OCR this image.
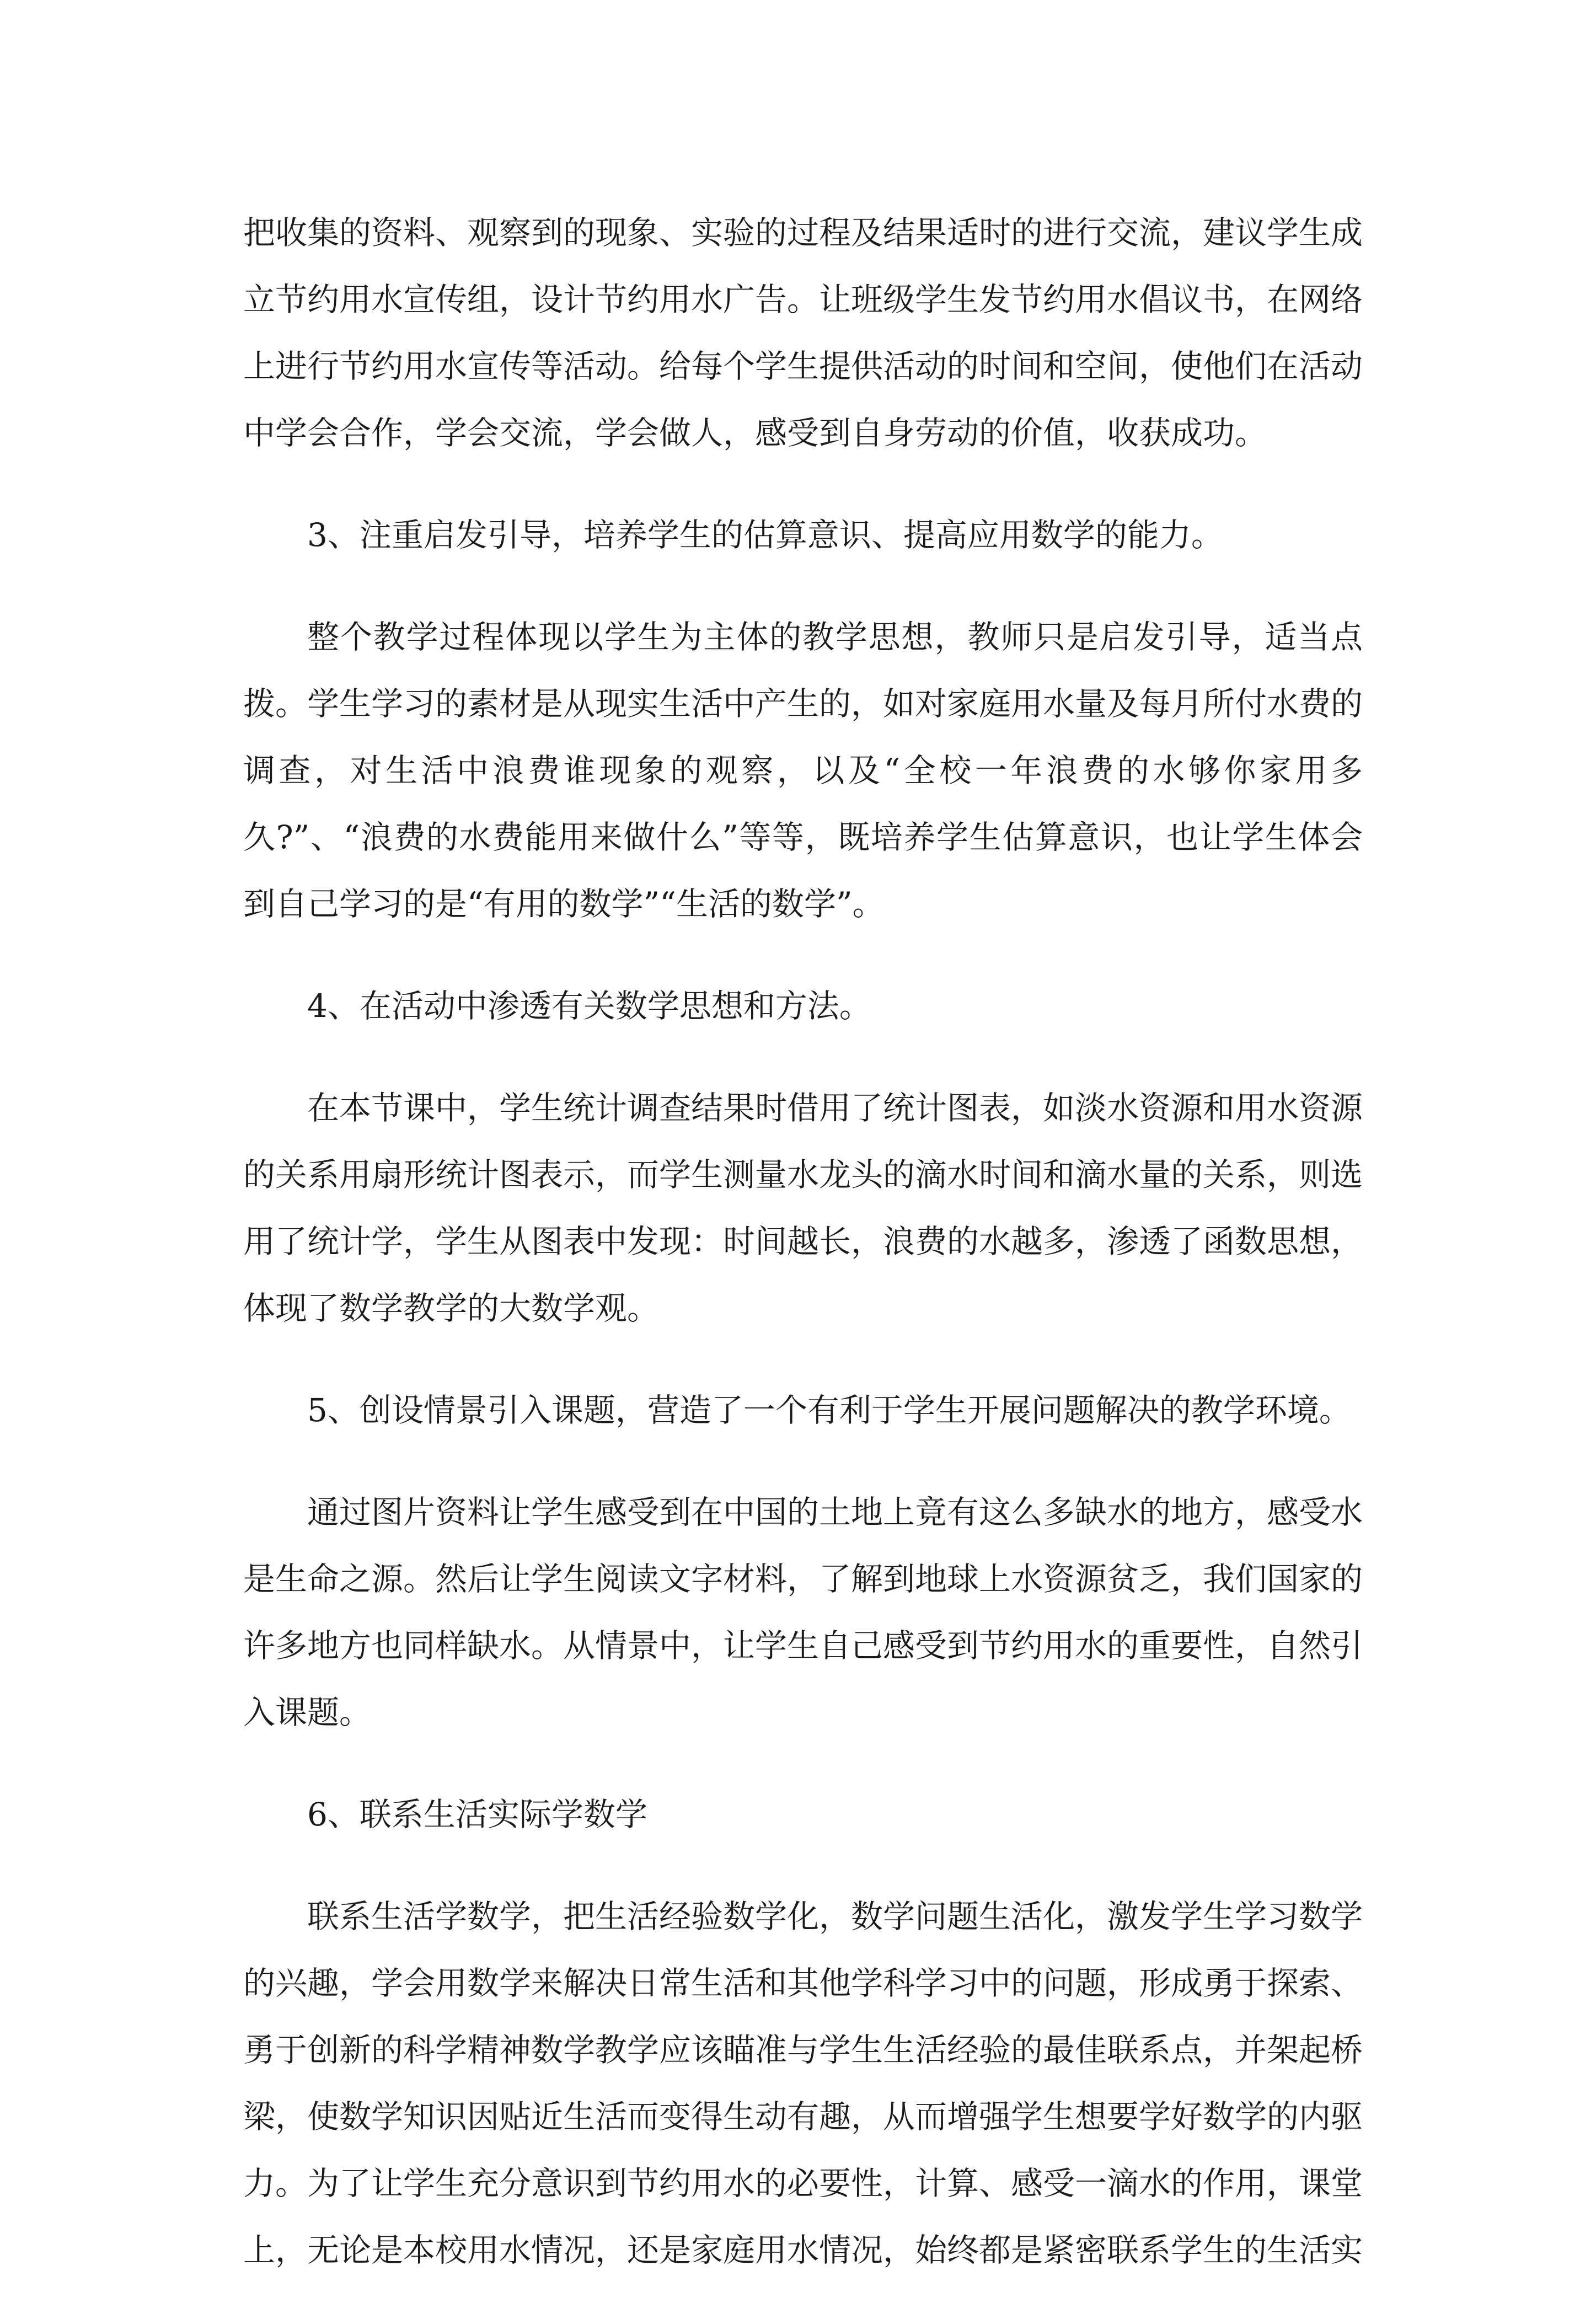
把收集的资料、观察到的现象、实验的过程及结果适时的进行交流，建议学生成立节约用水宣传组，设计节约用水广告。让班级学生发节约用水倡议书，在网络上进行节约用水宣传等活动。给每个学生提供活动的时间和空间，使他们在活动中学会合作，学会交流，学会做人，感受到自身劳动的价值，收获成功。

3、注重启发引导，培养学生的估算意识、提高应用数学的能力。

整个教学过程体现以学生为主体的教学思想，教师只是启发引导，适当点拨。学生学习的素材是从现实生活中产生的，如对家庭用水量及每月所付水费的调查，对生活中浪费谁现象的观察，以及“全校一年浪费的水够你家用多久?”、“浪费的水费能用来做什么”等等，既培养学生估算意识，也让学生体会到自己学习的是“有用的数学”“生活的数学”。

4、在活动中渗透有关数学思想和方法。

在本节课中，学生统计调查结果时借用了统计图表，如淡水资源和用水资源的关系用扇形统计图表示，而学生测量水龙头的滴水时间和滴水量的关系，则选用了统计学，学生从图表中发现：时间越长，浪费的水越多，渗透了函数思想，体现了数学教学的大数学观。

5、创设情景引入课题，营造了一个有利于学生开展问题解决的教学环境。

通过图片资料让学生感受到在中国的土地上竟有这么多缺水的地方，感受水是生命之源。然后让学生阅读文字材料，了解到地球上水资源贫乏，我们国家的许多地方也同样缺水。从情景中，让学生自己感受到节约用水的重要性，自然引入课题。

6、联系生活实际学数学

联系生活学数学，把生活经验数学化，数学问题生活化，激发学生学习数学的兴趣，学会用数学来解决日常生活和其他学科学习中的问题，形成勇于探索、勇于创新的科学精神数学教学应该瞄准与学生生活经验的最佳联系点，并架起桥梁，使数学知识因贴近生活而变得生动有趣，从而增强学生想要学好数学的内驱力。为了让学生充分意识到节约用水的必要性，计算、感受一滴水的作用，课堂上，无论是本校用水情况，还是家庭用水情况，始终都是紧密联系学生的生活实
